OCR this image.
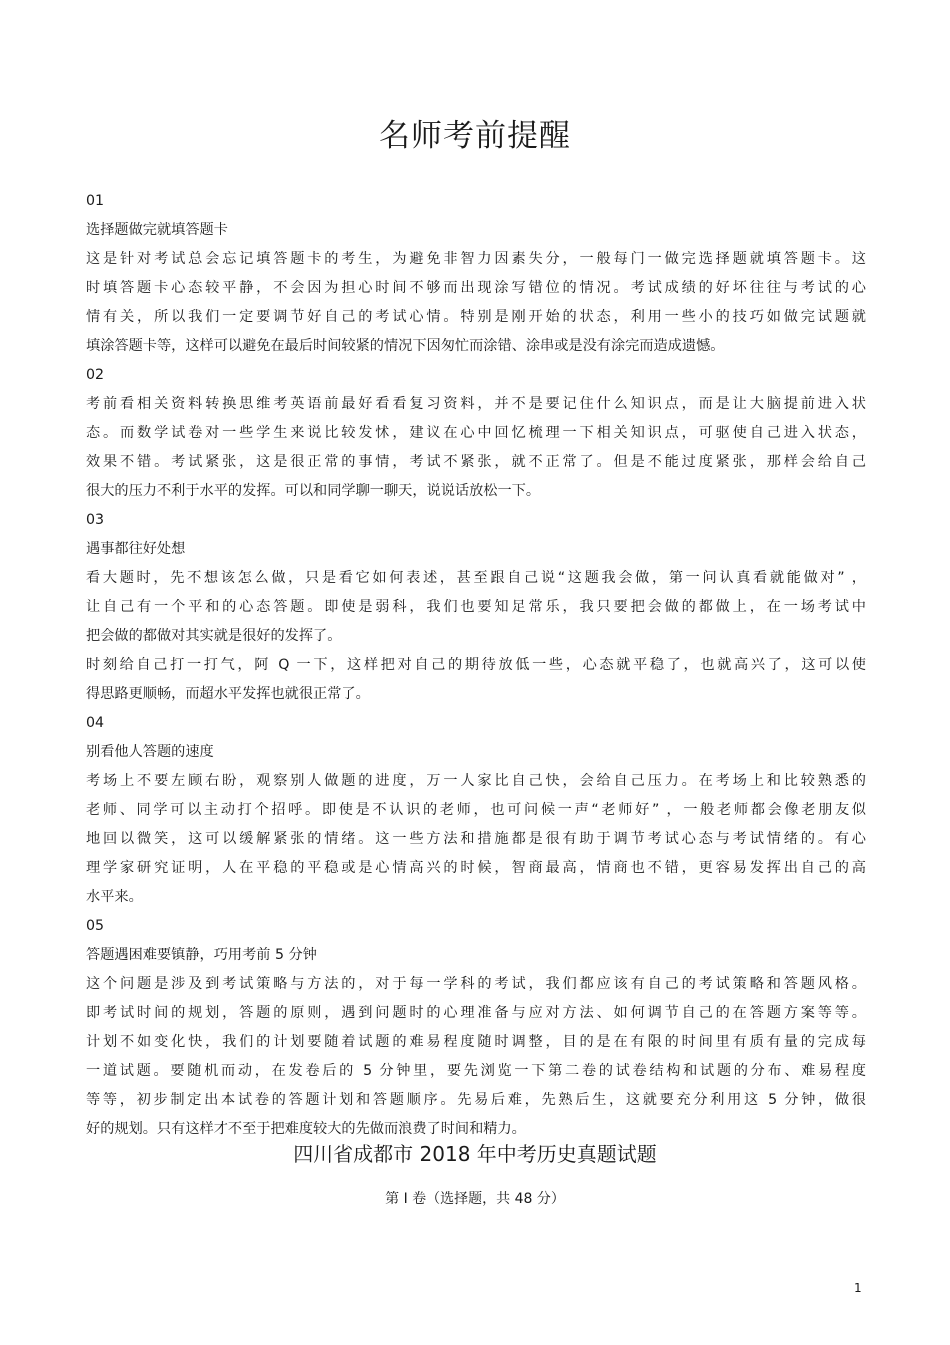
名师考前提醒
01
选择题做完就填答题卡
这是针对考试总会忘记填答题卡的考生，为避免非智力因素失分，一般每门一做完选择题就填答题卡。这
时填答题卡心态较平静，不会因为担心时间不够而出现涂写错位的情况。考试成绩的好坏往往与考试的心
情有关，所以我们一定要调节好自己的考试心情。特别是刚开始的状态，利用一些小的技巧如做完试题就
填涂答题卡等，这样可以避免在最后时间较紧的情况下因匆忙而涂错、涂串或是没有涂完而造成遗憾。
02
考前看相关资料转换思维考英语前最好看看复习资料，并不是要记住什么知识点，而是让大脑提前进入状
态。而数学试卷对一些学生来说比较发怵，建议在心中回忆梳理一下相关知识点，可驱使自己进入状态，
效果不错。考试紧张，这是很正常的事情，考试不紧张，就不正常了。但是不能过度紧张，那样会给自己
很大的压力不利于水平的发挥。可以和同学聊一聊天，说说话放松一下。
03
遇事都往好处想
看大题时，先不想该怎么做，只是看它如何表述，甚至跟自己说“这题我会做，第一问认真看就能做对” ，
让自己有一个平和的心态答题。即使是弱科，我们也要知足常乐，我只要把会做的都做上，在一场考试中
把会做的都做对其实就是很好的发挥了。
时刻给自己打一打气，阿 Q 一下，这样把对自己的期待放低一些，心态就平稳了，也就高兴了，这可以使
得思路更顺畅，而超水平发挥也就很正常了。
04
别看他人答题的速度
考场上不要左顾右盼，观察别人做题的进度，万一人家比自己快，会给自己压力。在考场上和比较熟悉的
老师、同学可以主动打个招呼。即使是不认识的老师，也可问候一声“老师好” ，一般老师都会像老朋友似
地回以微笑，这可以缓解紧张的情绪。这一些方法和措施都是很有助于调节考试心态与考试情绪的。有心
理学家研究证明，人在平稳的平稳或是心情高兴的时候，智商最高，情商也不错，更容易发挥出自己的高
水平来。
05
答题遇困难要镇静，巧用考前 5 分钟
这个问题是涉及到考试策略与方法的，对于每一学科的考试，我们都应该有自己的考试策略和答题风格。
即考试时间的规划，答题的原则，遇到问题时的心理准备与应对方法、如何调节自己的在答题方案等等。
计划不如变化快，我们的计划要随着试题的难易程度随时调整，目的是在有限的时间里有质有量的完成每
一道试题。要随机而动，在发卷后的 5 分钟里，要先浏览一下第二卷的试卷结构和试题的分布、难易程度
等等，初步制定出本试卷的答题计划和答题顺序。先易后难，先熟后生，这就要充分利用这 5 分钟，做很
好的规划。只有这样才不至于把难度较大的先做而浪费了时间和精力。
四川省成都市 2018 年中考历史真题试题
第 I 卷（选择题，共 48 分）
1
